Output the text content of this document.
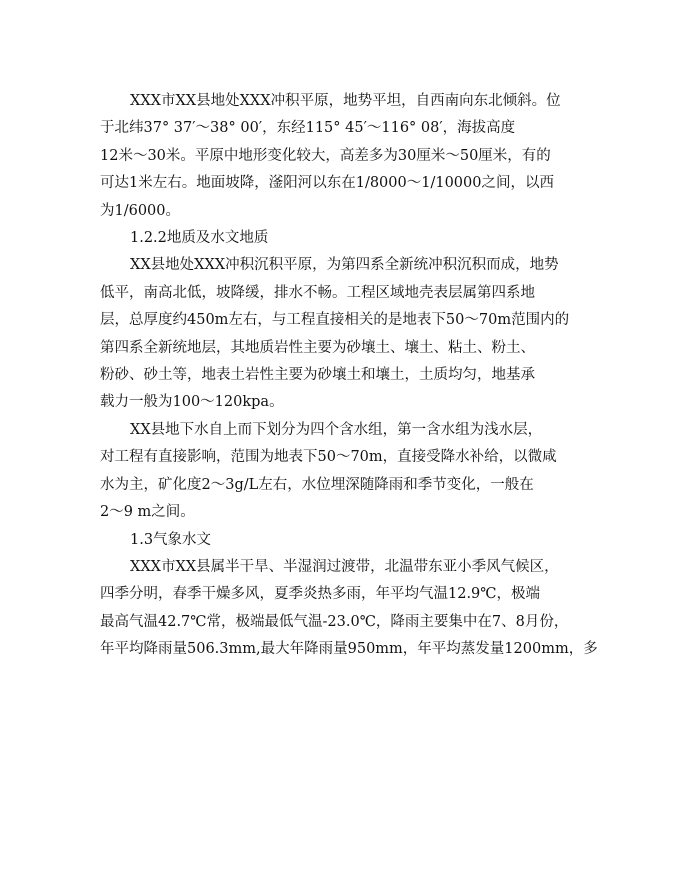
XXX市XX县地处XXX冲积平原，地势平坦，自西南向东北倾斜。位
于北纬37° 37′～38° 00′，东经115° 45′～116° 08′，海拔高度
12米～30米。平原中地形变化较大，高差多为30厘米～50厘米，有的
可达1米左右。地面坡降，滏阳河以东在1/8000～1/10000之间，以西
为1/6000。
1.2.2地质及水文地质
XX县地处XXX冲积沉积平原，为第四系全新统冲积沉积而成，地势
低平，南高北低，坡降缓，排水不畅。工程区域地壳表层属第四系地
层，总厚度约450m左右，与工程直接相关的是地表下50～70m范围内的
第四系全新统地层，其地质岩性主要为砂壤土、壤土、粘土、粉土、
粉砂、砂土等，地表土岩性主要为砂壤土和壤土，土质均匀，地基承
载力一般为100～120kpa。
XX县地下水自上而下划分为四个含水组，第一含水组为浅水层，
对工程有直接影响，范围为地表下50～70m，直接受降水补给，以微咸
水为主，矿化度2～3g/L左右，水位埋深随降雨和季节变化，一般在
2～9 m之间。
1.3气象水文
XXX市XX县属半干旱、半湿润过渡带，北温带东亚小季风气候区，
四季分明，春季干燥多风，夏季炎热多雨，年平均气温12.9℃，极端
最高气温42.7℃常，极端最低气温-23.0℃，降雨主要集中在7、8月份，
年平均降雨量506.3mm,最大年降雨量950mm，年平均蒸发量1200mm，多
